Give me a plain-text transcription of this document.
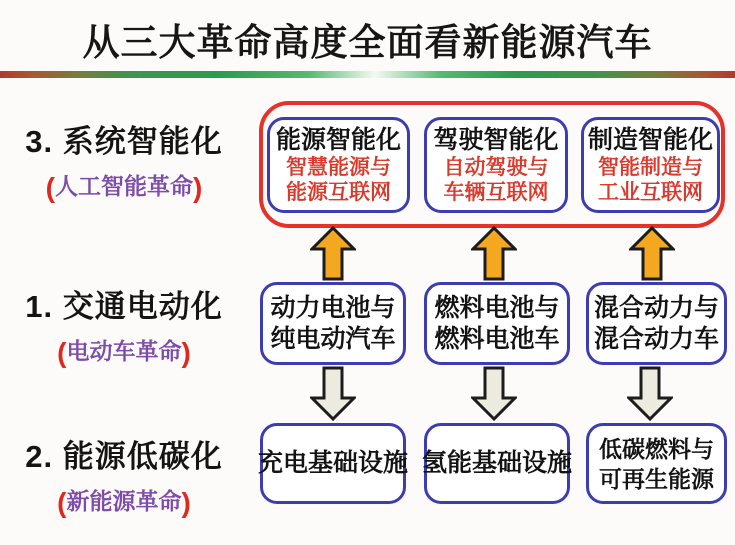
从三大革命高度全面看新能源汽车
3. 系统智能化
(人工智能革命)
1. 交通电动化
(电动车革命)
2. 能源低碳化
(新能源革命)
能源智能化
智慧能源与
能源互联网
驾驶智能化
自动驾驶与
车辆互联网
制造智能化
智能制造与
工业互联网
动力电池与
纯电动汽车
燃料电池与
燃料电池车
混合动力与
混合动力车
充电基础设施 氢能基础设施
低碳燃料与
可再生能源
